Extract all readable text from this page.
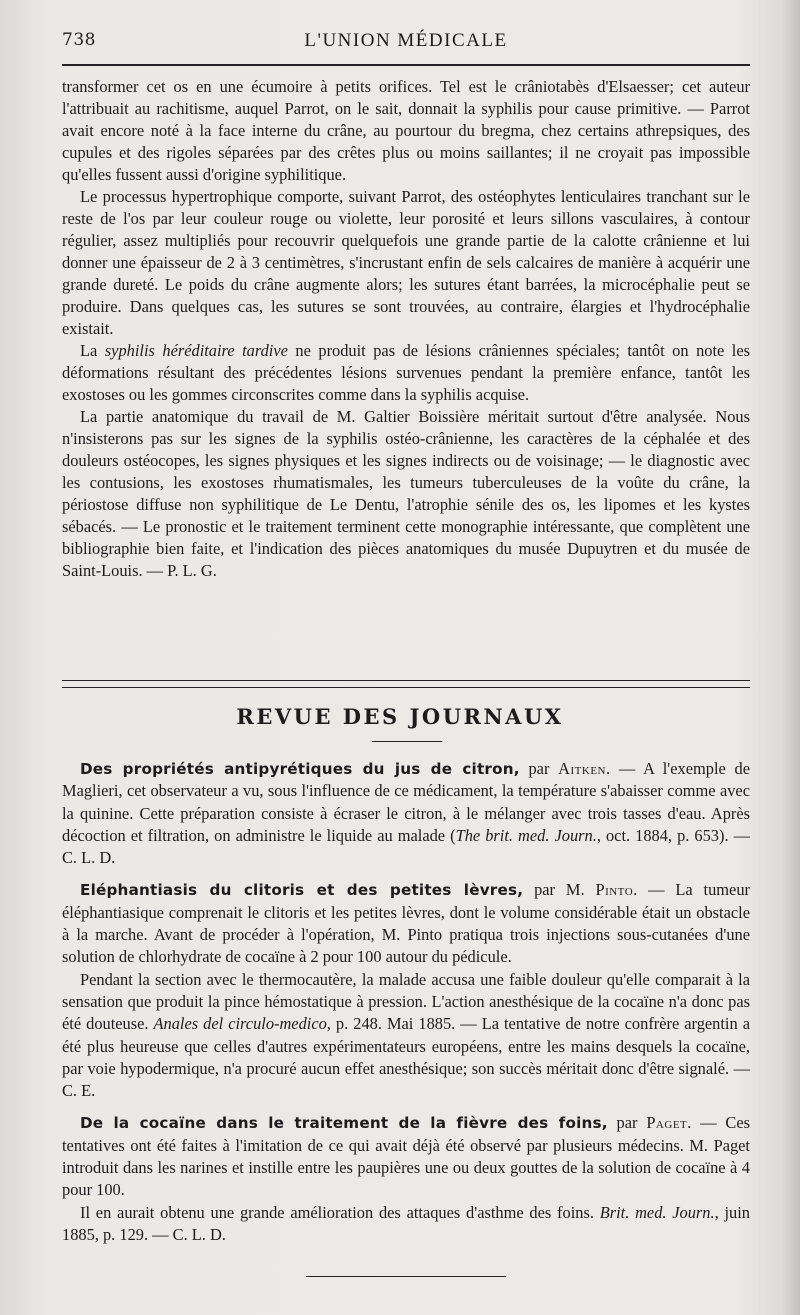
738	L'UNION MÉDICALE

transformer cet os en une écumoire à petits orifices. Tel est le crâniotabès d'Elsaesser; cet auteur l'attribuait au rachitisme, auquel Parrot, on le sait, donnait la syphilis pour cause primitive. — Parrot avait encore noté à la face interne du crâne, au pourtour du bregma, chez certains athrepsiques, des cupules et des rigoles séparées par des crêtes plus ou moins saillantes; il ne croyait pas impossible qu'elles fussent aussi d'origine syphilitique.

Le processus hypertrophique comporte, suivant Parrot, des ostéophytes lenticulaires tranchant sur le reste de l'os par leur couleur rouge ou violette, leur porosité et leurs sillons vasculaires, à contour régulier, assez multipliés pour recouvrir quelquefois une grande partie de la calotte crânienne et lui donner une épaisseur de 2 à 3 centimètres, s'incrustant enfin de sels calcaires de manière à acquérir une grande dureté. Le poids du crâne augmente alors; les sutures étant barrées, la microcéphalie peut se produire. Dans quelques cas, les sutures se sont trouvées, au contraire, élargies et l'hydrocéphalie existait.

La syphilis héréditaire tardive ne produit pas de lésions crâniennes spéciales; tantôt on note les déformations résultant des précédentes lésions survenues pendant la première enfance, tantôt les exostoses ou les gommes circonscrites comme dans la syphilis acquise.

La partie anatomique du travail de M. Galtier Boissière méritait surtout d'être analysée. Nous n'insisterons pas sur les signes de la syphilis ostéo-crânienne, les caractères de la céphalée et des douleurs ostéocopes, les signes physiques et les signes indirects ou de voisinage; — le diagnostic avec les contusions, les exostoses rhumatismales, les tumeurs tuberculeuses de la voûte du crâne, la périostose diffuse non syphilitique de Le Dentu, l'atrophie sénile des os, les lipomes et les kystes sébacés. — Le pronostic et le traitement terminent cette monographie intéressante, que complètent une bibliographie bien faite, et l'indication des pièces anatomiques du musée Dupuytren et du musée de Saint-Louis. — P. L. G.

REVUE DES JOURNAUX

Des propriétés antipyrétiques du jus de citron, par Aitken. — A l'exemple de Maglieri, cet observateur a vu, sous l'influence de ce médicament, la température s'abaisser comme avec la quinine. Cette préparation consiste à écraser le citron, à le mélanger avec trois tasses d'eau. Après décoction et filtration, on administre le liquide au malade (The brit. med. Journ., oct. 1884, p. 653). — C. L. D.

Eléphantiasis du clitoris et des petites lèvres, par M. Pinto. — La tumeur éléphantiasique comprenait le clitoris et les petites lèvres, dont le volume considérable était un obstacle à la marche. Avant de procéder à l'opération, M. Pinto pratiqua trois injections sous-cutanées d'une solution de chlorhydrate de cocaïne à 2 pour 100 autour du pédicule.

Pendant la section avec le thermocautère, la malade accusa une faible douleur qu'elle comparait à la sensation que produit la pince hémostatique à pression. L'action anesthésique de la cocaïne n'a donc pas été douteuse. Anales del circulo-medico, p. 248. Mai 1885. — La tentative de notre confrère argentin a été plus heureuse que celles d'autres expérimentateurs européens, entre les mains desquels la cocaïne, par voie hypodermique, n'a procuré aucun effet anesthésique; son succès méritait donc d'être signalé. — C. E.

De la cocaïne dans le traitement de la fièvre des foins, par Paget. — Ces tentatives ont été faites à l'imitation de ce qui avait déjà été observé par plusieurs médecins. M. Paget introduit dans les narines et instille entre les paupières une ou deux gouttes de la solution de cocaïne à 4 pour 100.

Il en aurait obtenu une grande amélioration des attaques d'asthme des foins. Brit. med. Journ., juin 1885, p. 129. — C. L. D.
